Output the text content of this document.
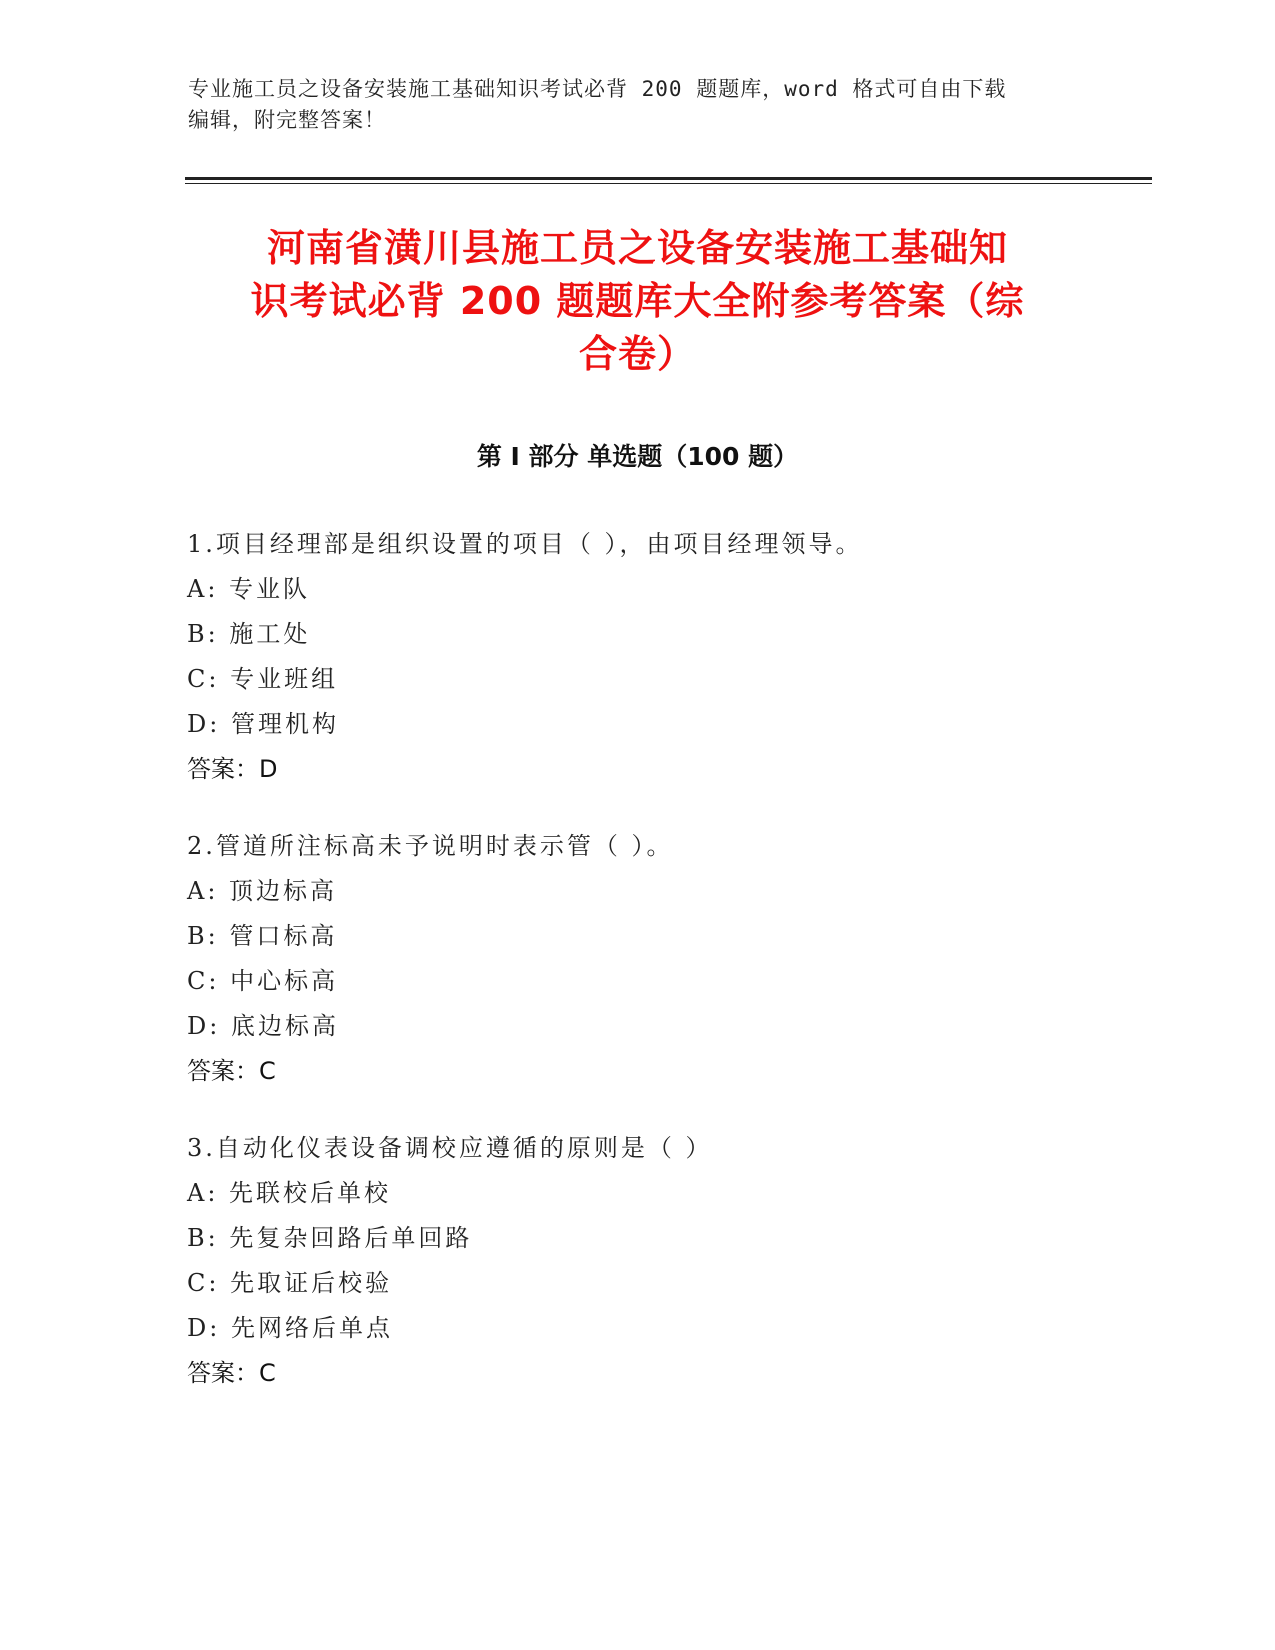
专业施工员之设备安装施工基础知识考试必背 200 题题库，word 格式可自由下载
编辑，附完整答案！
河南省潢川县施工员之设备安装施工基础知
识考试必背 200 题题库大全附参考答案（综
合卷）
第 I 部分 单选题（100 题）
1.项目经理部是组织设置的项目（ ），由项目经理领导。
A: 专业队
B: 施工处
C: 专业班组
D: 管理机构
答案：D
2.管道所注标高未予说明时表示管（ ）。
A: 顶边标高
B: 管口标高
C: 中心标高
D: 底边标高
答案：C
3.自动化仪表设备调校应遵循的原则是（ ）
A: 先联校后单校
B: 先复杂回路后单回路
C: 先取证后校验
D: 先网络后单点
答案：C
